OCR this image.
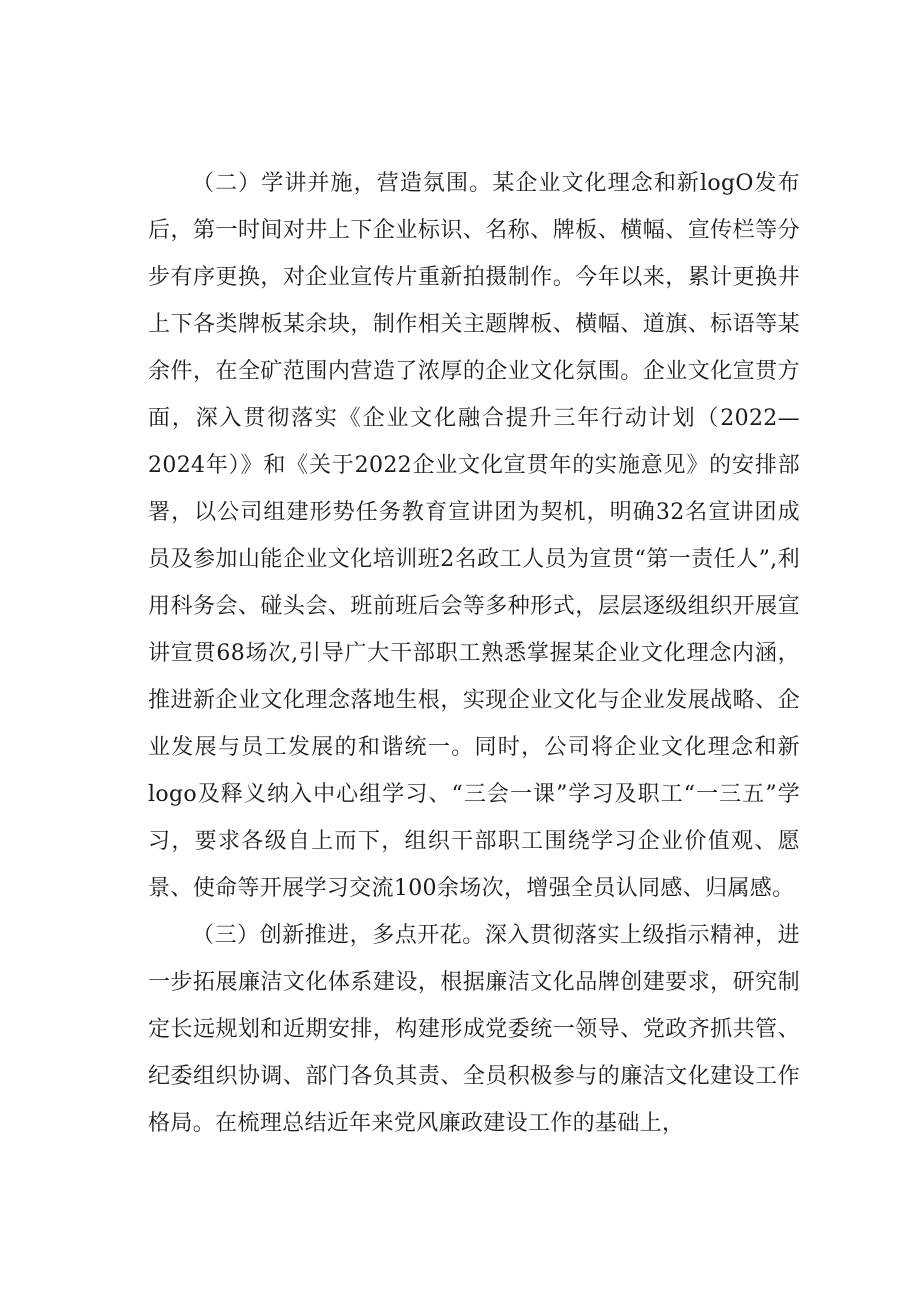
（二）学讲并施，营造氛围。某企业文化理念和新logO发布后，第一时间对井上下企业标识、名称、牌板、横幅、宣传栏等分步有序更换，对企业宣传片重新拍摄制作。今年以来，累计更换井上下各类牌板某余块，制作相关主题牌板、横幅、道旗、标语等某余件，在全矿范围内营造了浓厚的企业文化氛围。企业文化宣贯方面，深入贯彻落实《企业文化融合提升三年行动计划（2022—2024年）》和《关于2022企业文化宣贯年的实施意见》的安排部署，以公司组建形势任务教育宣讲团为契机，明确32名宣讲团成员及参加山能企业文化培训班2名政工人员为宣贯“第一责任人”,利用科务会、碰头会、班前班后会等多种形式，层层逐级组织开展宣讲宣贯68场次,引导广大干部职工熟悉掌握某企业文化理念内涵，推进新企业文化理念落地生根，实现企业文化与企业发展战略、企业发展与员工发展的和谐统一。同时，公司将企业文化理念和新logo及释义纳入中心组学习、“三会一课”学习及职工“一三五”学习，要求各级自上而下，组织干部职工围绕学习企业价值观、愿景、使命等开展学习交流100余场次，增强全员认同感、归属感。

（三）创新推进，多点开花。深入贯彻落实上级指示精神，进一步拓展廉洁文化体系建设，根据廉洁文化品牌创建要求，研究制定长远规划和近期安排，构建形成党委统一领导、党政齐抓共管、纪委组织协调、部门各负其责、全员积极参与的廉洁文化建设工作格局。在梳理总结近年来党风廉政建设工作的基础上，
